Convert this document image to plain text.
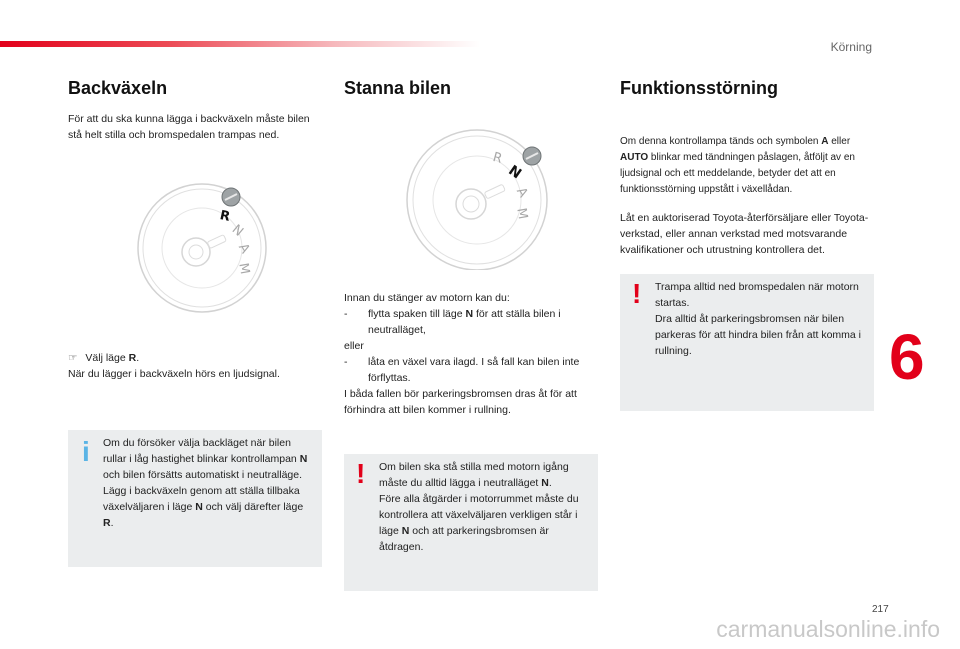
Körning
6
217
carmanualsonline.info
Backväxeln

För att du ska kunna lägga i backväxeln måste bilen stå helt stilla och bromspedalen trampas ned.

R
N
A
M

☞ Välj läge R.
När du lägger i backväxeln hörs en ljudsignal.

i Om du försöker välja backläget när bilen rullar i låg hastighet blinkar kontrollampan N och bilen försätts automatiskt i neutralläge. Lägg i backväxeln genom att ställa tillbaka växelväljaren i läge N och välj därefter läge R.
Stanna bilen
R
N
A
M
Innan du stänger av motorn kan du:

- flytta spaken till läge N för att ställa bilen i neutralläget,
eller
- låta en växel vara ilagd. I så fall kan bilen inte förflyttas.
I båda fallen bör parkeringsbromsen dras åt för att förhindra att bilen kommer i rullning.
! Om bilen ska stå stilla med motorn igång måste du alltid lägga i neutralläget N.
Före alla åtgärder i motorrummet måste du kontrollera att växelväljaren verkligen står i läge N och att parkeringsbromsen är åtdragen.
Funktionsstörning

Om denna kontrollampa tänds och symbolen A eller AUTO blinkar med tändningen påslagen, åtföljt av en ljudsignal och ett meddelande, betyder det att en funktionsstörning uppstått i växellådan.

Låt en auktoriserad Toyota-återförsäljare eller Toyota-verkstad, eller annan verkstad med motsvarande kvalifikationer och utrustning kontrollera det.

! Trampa alltid ned bromspedalen när motorn startas.
Dra alltid åt parkeringsbromsen när bilen parkeras för att hindra bilen från att komma i rullning.
